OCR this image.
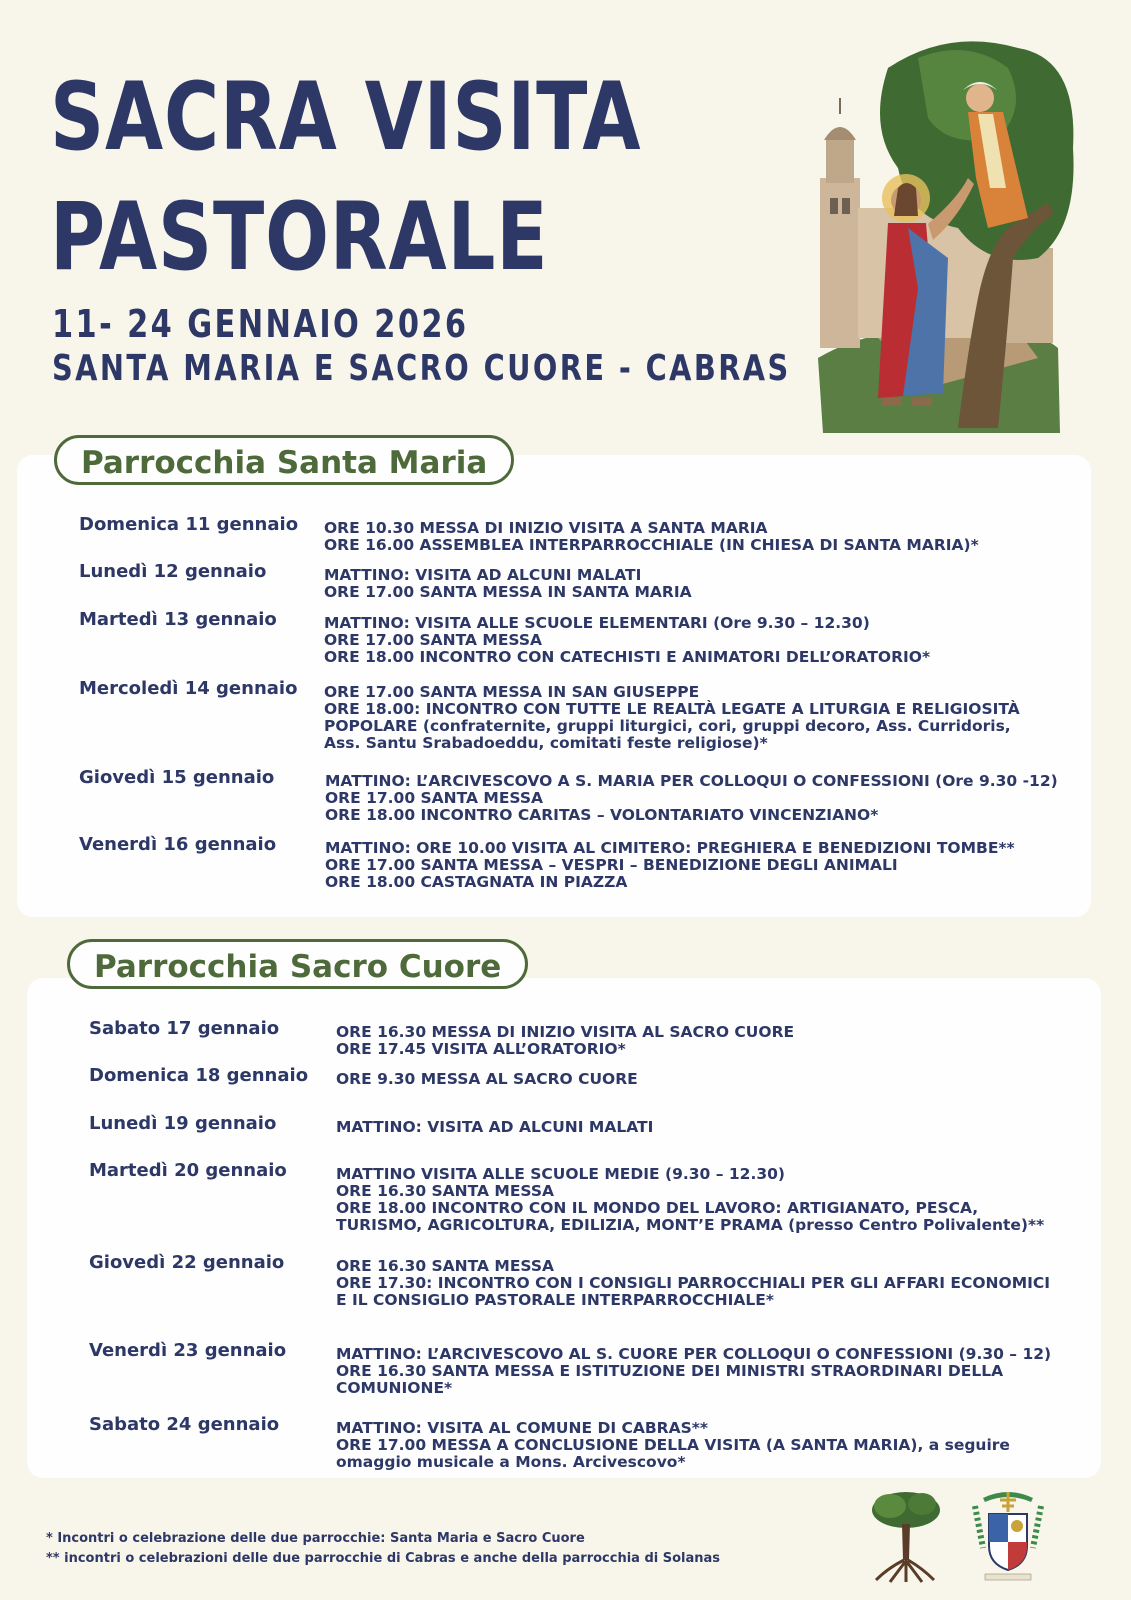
SACRA VISITA
PASTORALE
11- 24 GENNAIO 2026
SANTA MARIA E SACRO CUORE - CABRAS
Domenica 11 gennaio ORE 10.30 MESSA DI INIZIO VISITA A SANTA MARIA
ORE 16.00 ASSEMBLEA INTERPARROCCHIALE (IN CHIESA DI SANTA MARIA)*
Lunedì 12 gennaio	MATTINO: VISITA AD ALCUNI MALATI
ORE 17.00 SANTA MESSA IN SANTA MARIA
Martedì 13 gennaio	MATTINO: VISITA ALLE SCUOLE ELEMENTARI (Ore 9.30 – 12.30)
ORE 17.00 SANTA MESSA
ORE 18.00 INCONTRO CON CATECHISTI E ANIMATORI DELL’ORATORIO*
Mercoledì 14 gennaio ORE 17.00 SANTA MESSA IN SAN GIUSEPPE
ORE 18.00: INCONTRO CON TUTTE LE REALTÀ LEGATE A LITURGIA E RELIGIOSITÀ
POPOLARE (confraternite, gruppi liturgici, cori, gruppi decoro, Ass. Curridoris,
Ass. Santu Srabadoeddu, comitati feste religiose)*
Giovedì 15 gennaio	MATTINO: L’ARCIVESCOVO A S. MARIA PER COLLOQUI O CONFESSIONI (Ore 9.30 -12)
ORE 17.00 SANTA MESSA
ORE 18.00 INCONTRO CARITAS – VOLONTARIATO VINCENZIANO*
Venerdì 16 gennaio	MATTINO: ORE 10.00 VISITA AL CIMITERO: PREGHIERA E BENEDIZIONI TOMBE**
ORE 17.00 SANTA MESSA – VESPRI – BENEDIZIONE DEGLI ANIMALI
ORE 18.00 CASTAGNATA IN PIAZZA
Parrocchia Santa Maria
Sabato 17 gennaio	ORE 16.30 MESSA DI INIZIO VISITA AL SACRO CUORE
ORE 17.45 VISITA ALL’ORATORIO*
Domenica 18 gennaio ORE 9.30 MESSA AL SACRO CUORE
Lunedì 19 gennaio	MATTINO: VISITA AD ALCUNI MALATI
Martedì 20 gennaio	MATTINO VISITA ALLE SCUOLE MEDIE (9.30 – 12.30)
ORE 16.30 SANTA MESSA
ORE 18.00 INCONTRO CON IL MONDO DEL LAVORO: ARTIGIANATO, PESCA,
TURISMO, AGRICOLTURA, EDILIZIA, MONT’E PRAMA (presso Centro Polivalente)**
Giovedì 22 gennaio	ORE 16.30 SANTA MESSA
ORE 17.30: INCONTRO CON I CONSIGLI PARROCCHIALI PER GLI AFFARI ECONOMICI
E IL CONSIGLIO PASTORALE INTERPARROCCHIALE*
Venerdì 23 gennaio	MATTINO: L’ARCIVESCOVO AL S. CUORE PER COLLOQUI O CONFESSIONI (9.30 – 12)
ORE 16.30 SANTA MESSA E ISTITUZIONE DEI MINISTRI STRAORDINARI DELLA
COMUNIONE*
Sabato 24 gennaio	MATTINO: VISITA AL COMUNE DI CABRAS**
ORE 17.00 MESSA A CONCLUSIONE DELLA VISITA (A SANTA MARIA), a seguire
omaggio musicale a Mons. Arcivescovo*
Parrocchia Sacro Cuore
* Incontri o celebrazione delle due parrocchie: Santa Maria e Sacro Cuore
** incontri o celebrazioni delle due parrocchie di Cabras e anche della parrocchia di Solanas
